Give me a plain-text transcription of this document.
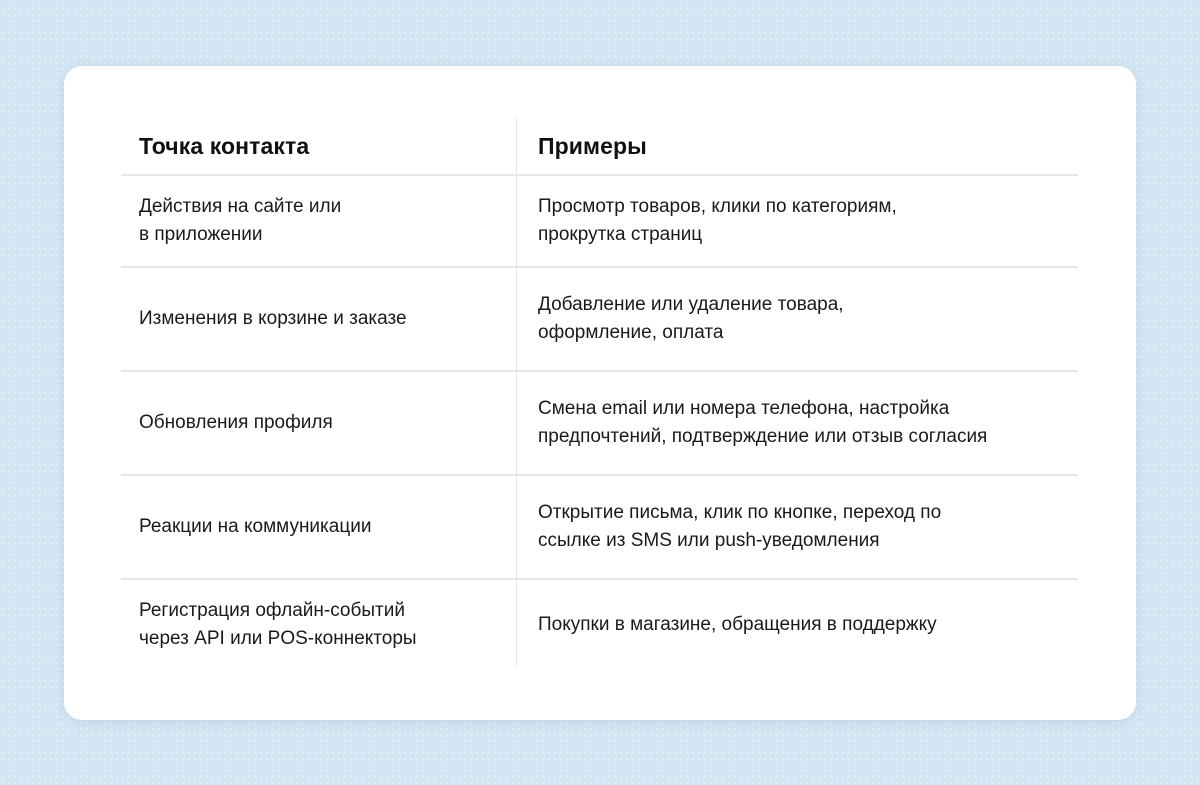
Точка контакта	Примеры
Действия на сайте или
в приложении
Просмотр товаров, клики по категориям,
прокрутка страниц
Изменения в корзине и заказе
Добавление или удаление товара,
оформление, оплата
Обновления профиля
Смена email или номера телефона, настройка
предпочтений, подтверждение или отзыв согласия
Реакции на коммуникации
Открытие письма, клик по кнопке, переход по
ссылке из SMS или push-уведомления
Регистрация офлайн-событий
через API или POS-коннекторы
Покупки в магазине, обращения в поддержку
